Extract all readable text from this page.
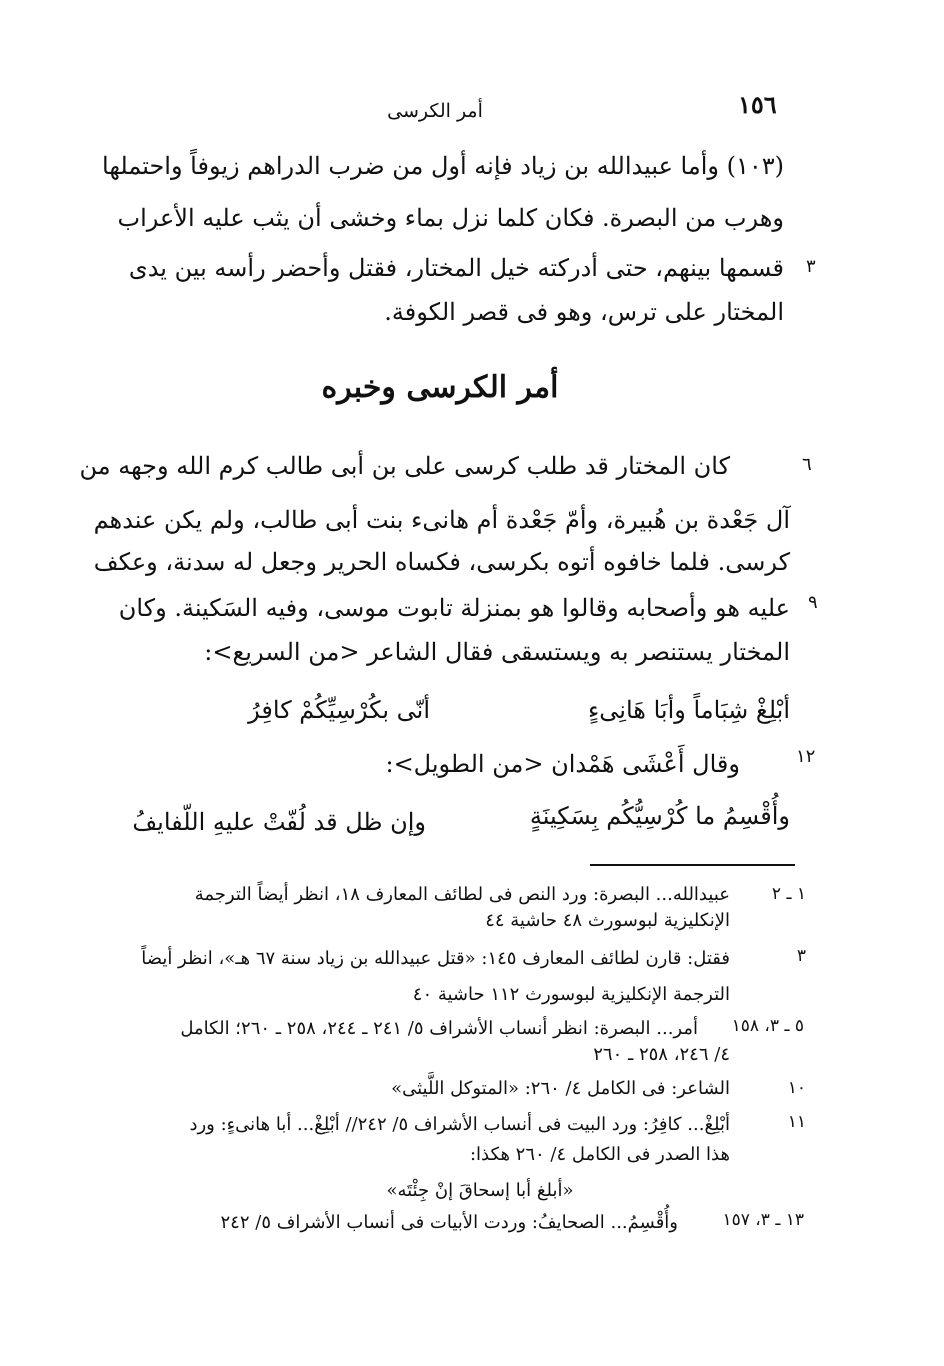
١٥٦
أمر الكرسى
(١٠٣) وأما عبيدالله بن زياد فإنه أول من ضرب الدراهم زيوفاً واحتملها
وهرب من البصرة. فكان كلما نزل بماء وخشى أن يثب عليه الأعراب
قسمها بينهم، حتى أدركته خيل المختار، فقتل وأحضر رأسه بين يدى
المختار على ترس، وهو فى قصر الكوفة.
٣
أمر الكرسى وخبره
كان المختار قد طلب كرسى على بن أبى طالب كرم الله وجهه من
آل جَعْدة بن هُبيرة، وأمّ جَعْدة أم هانىء بنت أبى طالب، ولم يكن عندهم
كرسى. فلما خافوه أتوه بكرسى، فكساه الحرير وجعل له سدنة، وعكف
عليه هو وأصحابه وقالوا هو بمنزلة تابوت موسى، وفيه السَكينة. وكان
المختار يستنصر به ويستسقى فقال الشاعر <من السريع>:
٦
٩
أبْلِغْ شِبَاماً وأبَا هَانِىءٍ
أنّى بكُرْسِيِّكُمْ كافِرُ
وقال أَعْشَى هَمْدان <من الطويل>:	١٢
وأُقْسِمُ ما كُرْسِيُّكُم بِسَكِينَةٍ
وإن ظل قد لُفّتْ عليهِ اللّفايفُ
١ ـ ٢
عبيدالله... البصرة: ورد النص فى لطائف المعارف ١٨، انظر أيضاً الترجمة
الإنكليزية لبوسورث ٤٨ حاشية ٤٤
٣
فقتل: قارن لطائف المعارف ١٤٥: «قتل عبيدالله بن زياد سنة ٦٧ هـ»، انظر أيضاً
الترجمة الإنكليزية لبوسورث ١١٢ حاشية ٤٠
٥ ـ ٣، ١٥٨
أمر... البصرة: انظر أنساب الأشراف ٥/ ٢٤١ ـ ٢٤٤، ٢٥٨ ـ ٢٦٠؛ الكامل
٤/ ٢٤٦، ٢٥٨ ـ ٢٦٠
١٠
الشاعر: فى الكامل ٤/ ٢٦٠: «المتوكل اللَّيثى»
١١
أبْلِغْ... كافِرُ: ورد البيت فى أنساب الأشراف ٥/ ٢٤٢// أبْلِغْ... أبا هانىءٍ: ورد
هذا الصدر فى الكامل ٤/ ٢٦٠ هكذا:
«أبلغ أبا إسحاقَ إنْ جِئْتَه»
١٣ ـ ٣، ١٥٧
وأُقْسِمُ... الصحايفُ: وردت الأبيات فى أنساب الأشراف ٥/ ٢٤٢
